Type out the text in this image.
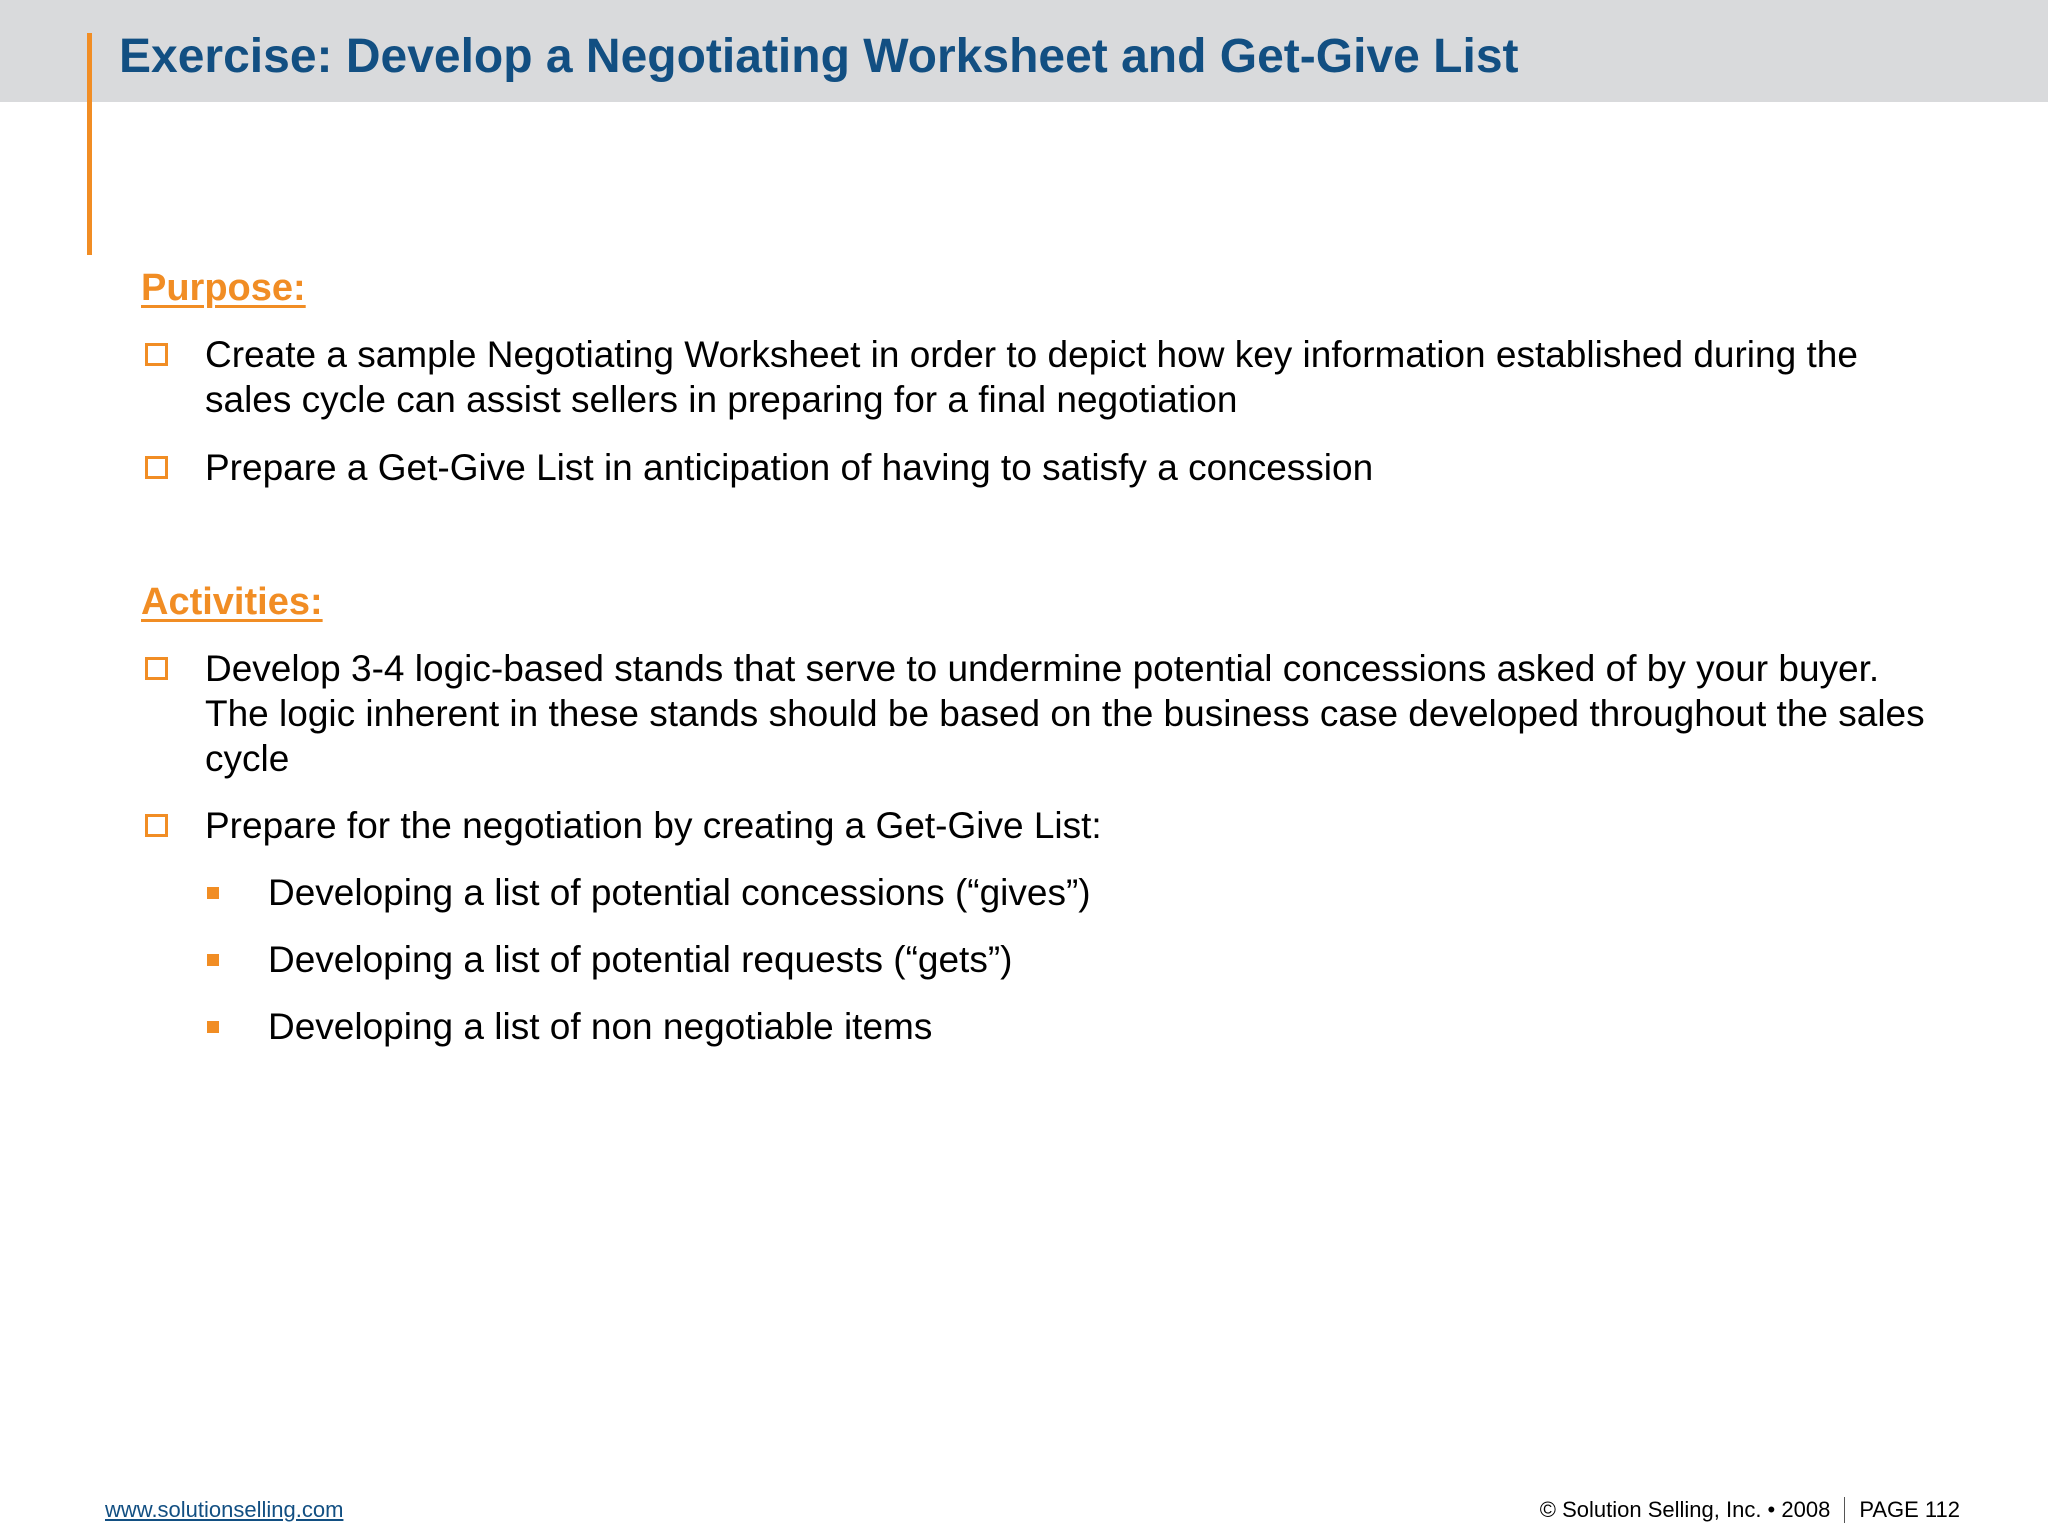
Exercise: Develop a Negotiating Worksheet and Get-Give List
Purpose:
Create a sample Negotiating Worksheet in order to depict how key information established during the sales cycle can assist sellers in preparing for a final negotiation
Prepare a Get-Give List in anticipation of having to satisfy a concession
Activities:
Develop 3-4 logic-based stands that serve to undermine potential concessions asked of by your buyer. The logic inherent in these stands should be based on the business case developed throughout the sales cycle
Prepare for the negotiation by creating a Get-Give List:
Developing a list of potential concessions (“gives”)
Developing a list of potential requests (“gets”)
Developing a list of non negotiable items
www.solutionselling.com	© Solution Selling, Inc. • 2008 PAGE 112
